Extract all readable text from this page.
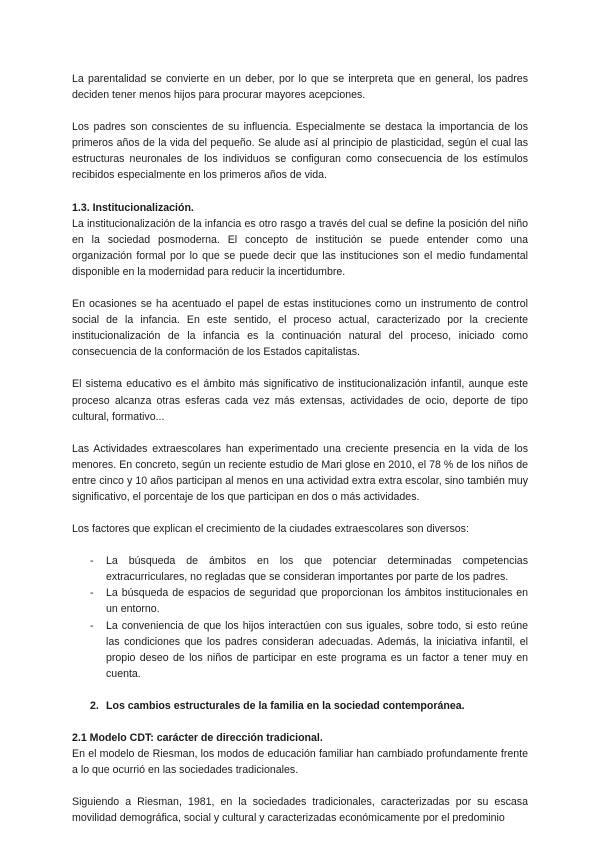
La parentalidad se convierte en un deber, por lo que se interpreta que en general, los padres deciden tener menos hijos para procurar mayores acepciones.

Los padres son conscientes de su influencia. Especialmente se destaca la importancia de los primeros años de la vida del pequeño. Se alude así al principio de plasticidad, según el cual las estructuras neuronales de los individuos se configuran como consecuencia de los estímulos recibidos especialmente en los primeros años de vida.

1.3. Institucionalización.

La institucionalización de la infancia es otro rasgo a través del cual se define la posición del niño en la sociedad posmoderna. El concepto de institución se puede entender como una organización formal por lo que se puede decir que las instituciones son el medio fundamental disponible en la modernidad para reducir la incertidumbre.

En ocasiones se ha acentuado el papel de estas instituciones como un instrumento de control social de la infancia. En este sentido, el proceso actual, caracterizado por la creciente institucionalización de la infancia es la continuación natural del proceso, iniciado como consecuencia de la conformación de los Estados capitalistas.

El sistema educativo es el ámbito más significativo de institucionalización infantil, aunque este proceso alcanza otras esferas cada vez más extensas, actividades de ocio, deporte de tipo cultural, formativo...

Las Actividades extraescolares han experimentado una creciente presencia en la vida de los menores. En concreto, según un reciente estudio de Mari glose en 2010, el 78 % de los niños de entre cinco y 10 años participan al menos en una actividad extra extra escolar, sino también muy significativo, el porcentaje de los que participan en dos o más actividades.

Los factores que explican el crecimiento de la ciudades extraescolares son diversos:

- La búsqueda de ámbitos en los que potenciar determinadas competencias extracurriculares, no regladas que se consideran importantes por parte de los padres.
- La búsqueda de espacios de seguridad que proporcionan los ámbitos institucionales en un entorno.
- La conveniencia de que los hijos interactúen con sus iguales, sobre todo, si esto reúne las condiciones que los padres consideran adecuadas. Además, la iniciativa infantil, el propio deseo de los niños de participar en este programa es un factor a tener muy en cuenta.
2. Los cambios estructurales de la familia en la sociedad contemporánea.

2.1 Modelo CDT: carácter de dirección tradicional.

En el modelo de Riesman, los modos de educación familiar han cambiado profundamente frente a lo que ocurrió en las sociedades tradicionales.

Siguiendo a Riesman, 1981, en la sociedades tradicionales, caracterizadas por su escasa movilidad demográfica, social y cultural y caracterizadas económicamente por el predominio
